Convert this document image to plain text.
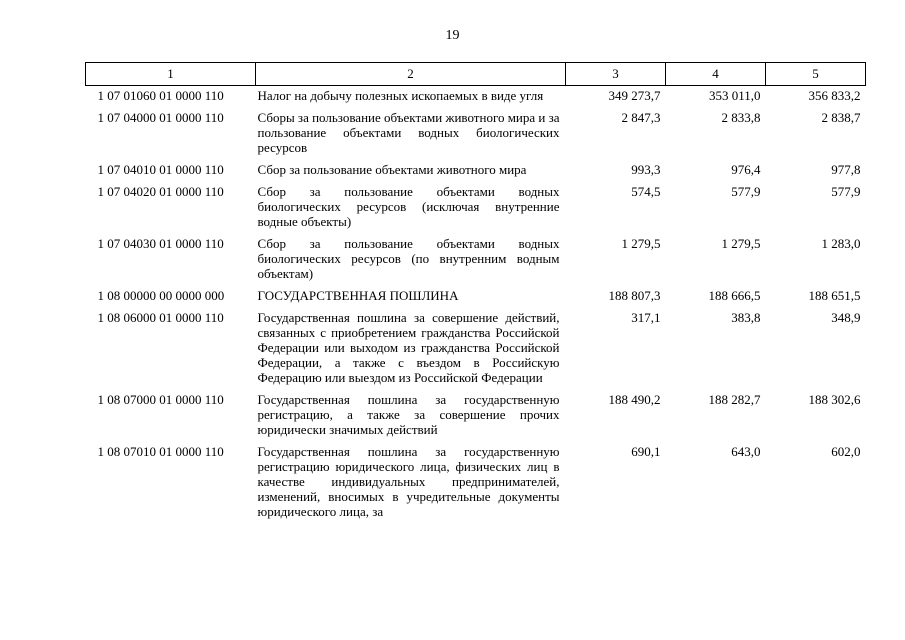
19
1	2	3	4	5
1 07 01060 01 0000 110	Налог на добычу полезных ископаемых в виде угля	349 273,7	353 011,0	356 833,2
1 07 04000 01 0000 110	Сборы за пользование объектами животного мира и за пользование объектами водных биологических ресурсов	2 847,3	2 833,8	2 838,7
1 07 04010 01 0000 110	Сбор за пользование объектами животного мира	993,3	976,4	977,8
1 07 04020 01 0000 110	Сбор за пользование объектами водных биологических ресурсов (исключая внутренние водные объекты)	574,5	577,9	577,9
1 07 04030 01 0000 110	Сбор за пользование объектами водных биологических ресурсов (по внутренним водным объектам)	1 279,5	1 279,5	1 283,0
1 08 00000 00 0000 000	ГОСУДАРСТВЕННАЯ ПОШЛИНА	188 807,3	188 666,5	188 651,5
1 08 06000 01 0000 110	Государственная пошлина за совершение действий, связанных с приобретением гражданства Российской Федерации или выходом из гражданства Российской Федерации, а также с въездом в Российскую Федерацию или выездом из Российской Федерации	317,1	383,8	348,9
1 08 07000 01 0000 110	Государственная пошлина за государственную регистрацию, а также за совершение прочих юридически значимых действий	188 490,2	188 282,7	188 302,6
1 08 07010 01 0000 110	Государственная пошлина за государственную регистрацию юридического лица, физических лиц в качестве индивидуальных предпринимателей, изменений, вносимых в учредительные документы юридического лица, за	690,1	643,0	602,0
